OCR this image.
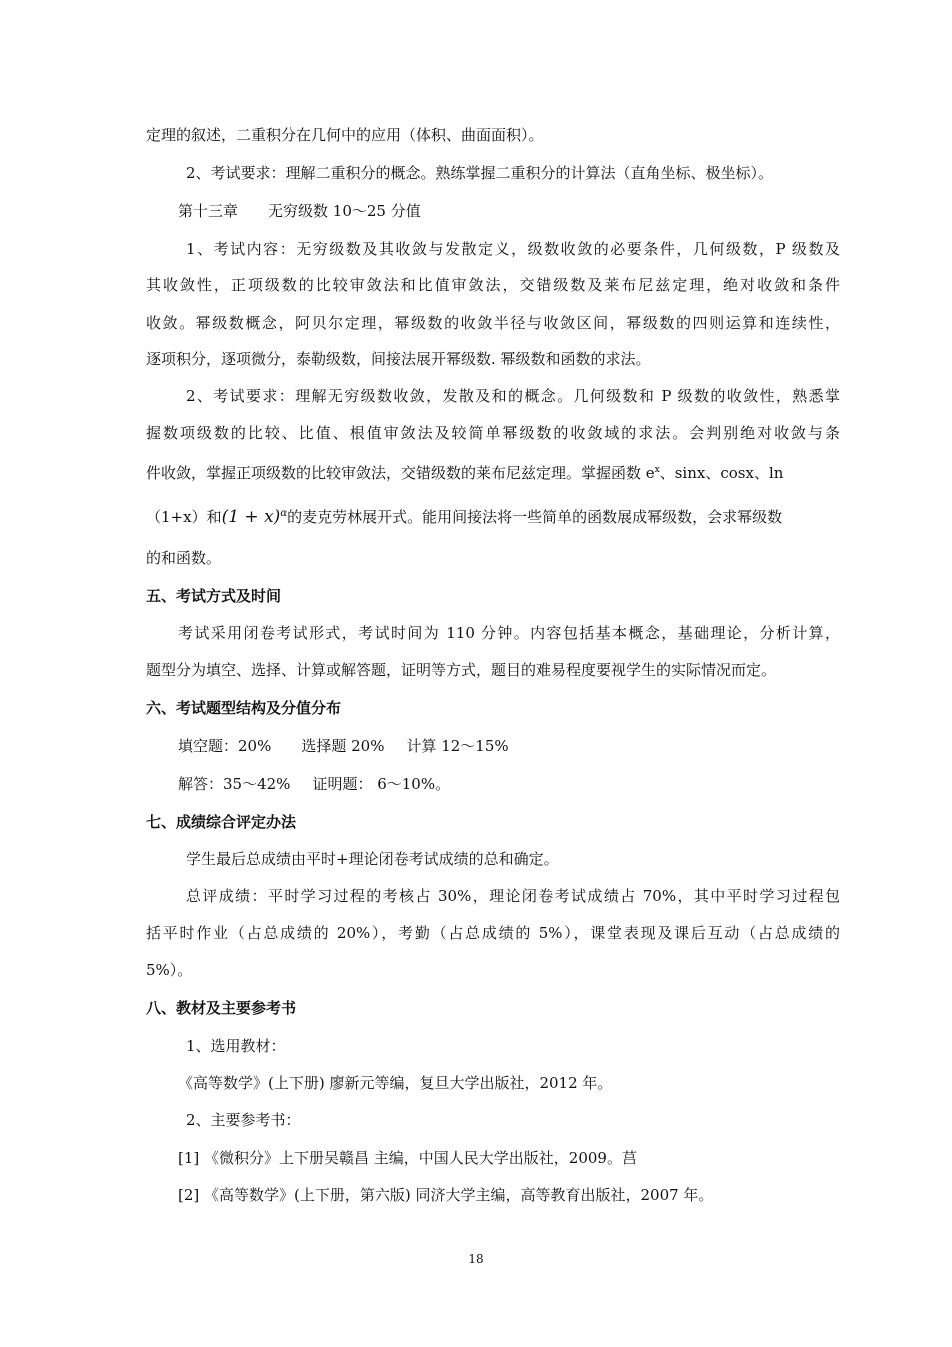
定理的叙述，二重积分在几何中的应用（体积、曲面面积）。
2、考试要求：理解二重积分的概念。熟练掌握二重积分的计算法（直角坐标、极坐标）。
第十三章 无穷级数 10～25 分值
1、考试内容：无穷级数及其收敛与发散定义，级数收敛的必要条件，几何级数，P 级数及
其收敛性，正项级数的比较审敛法和比值审敛法，交错级数及莱布尼兹定理，绝对收敛和条件
收敛。幂级数概念，阿贝尔定理，幂级数的收敛半径与收敛区间，幂级数的四则运算和连续性，
逐项积分，逐项微分，泰勒级数，间接法展开幂级数. 幂级数和函数的求法。
2、考试要求：理解无穷级数收敛，发散及和的概念。几何级数和 P 级数的收敛性，熟悉掌
握数项级数的比较、比值、根值审敛法及较简单幂级数的收敛域的求法。会判别绝对收敛与条
件收敛，掌握正项级数的比较审敛法，交错级数的莱布尼兹定理。掌握函数 $e^x$、sinx、cosx、ln
（1+x）和$(1 + x)^\alpha$的麦克劳林展开式。能用间接法将一些简单的函数展成幂级数，会求幂级数
的和函数。
五、考试方式及时间
考试采用闭卷考试形式，考试时间为 110 分钟。内容包括基本概念，基础理论，分析计算，
题型分为填空、选择、计算或解答题，证明等方式，题目的难易程度要视学生的实际情况而定。
六、考试题型结构及分值分布
填空题：20% 选择题 20% 计算 12～15%
解答：35～42% 证明题： 6～10%。
七、成绩综合评定办法
学生最后总成绩由平时+理论闭卷考试成绩的总和确定。
总评成绩：平时学习过程的考核占 30%，理论闭卷考试成绩占 70%，其中平时学习过程包
括平时作业（占总成绩的 20%），考勤（占总成绩的 5%），课堂表现及课后互动（占总成绩的
5%）。
八、教材及主要参考书
1、选用教材：
《高等数学》(上下册) 廖新元等编，复旦大学出版社，2012 年。
2、主要参考书：
[1] 《微积分》上下册吴赣昌 主编，中国人民大学出版社，2009。莒
[2] 《高等数学》(上下册，第六版) 同济大学主编，高等教育出版社，2007 年。
18
